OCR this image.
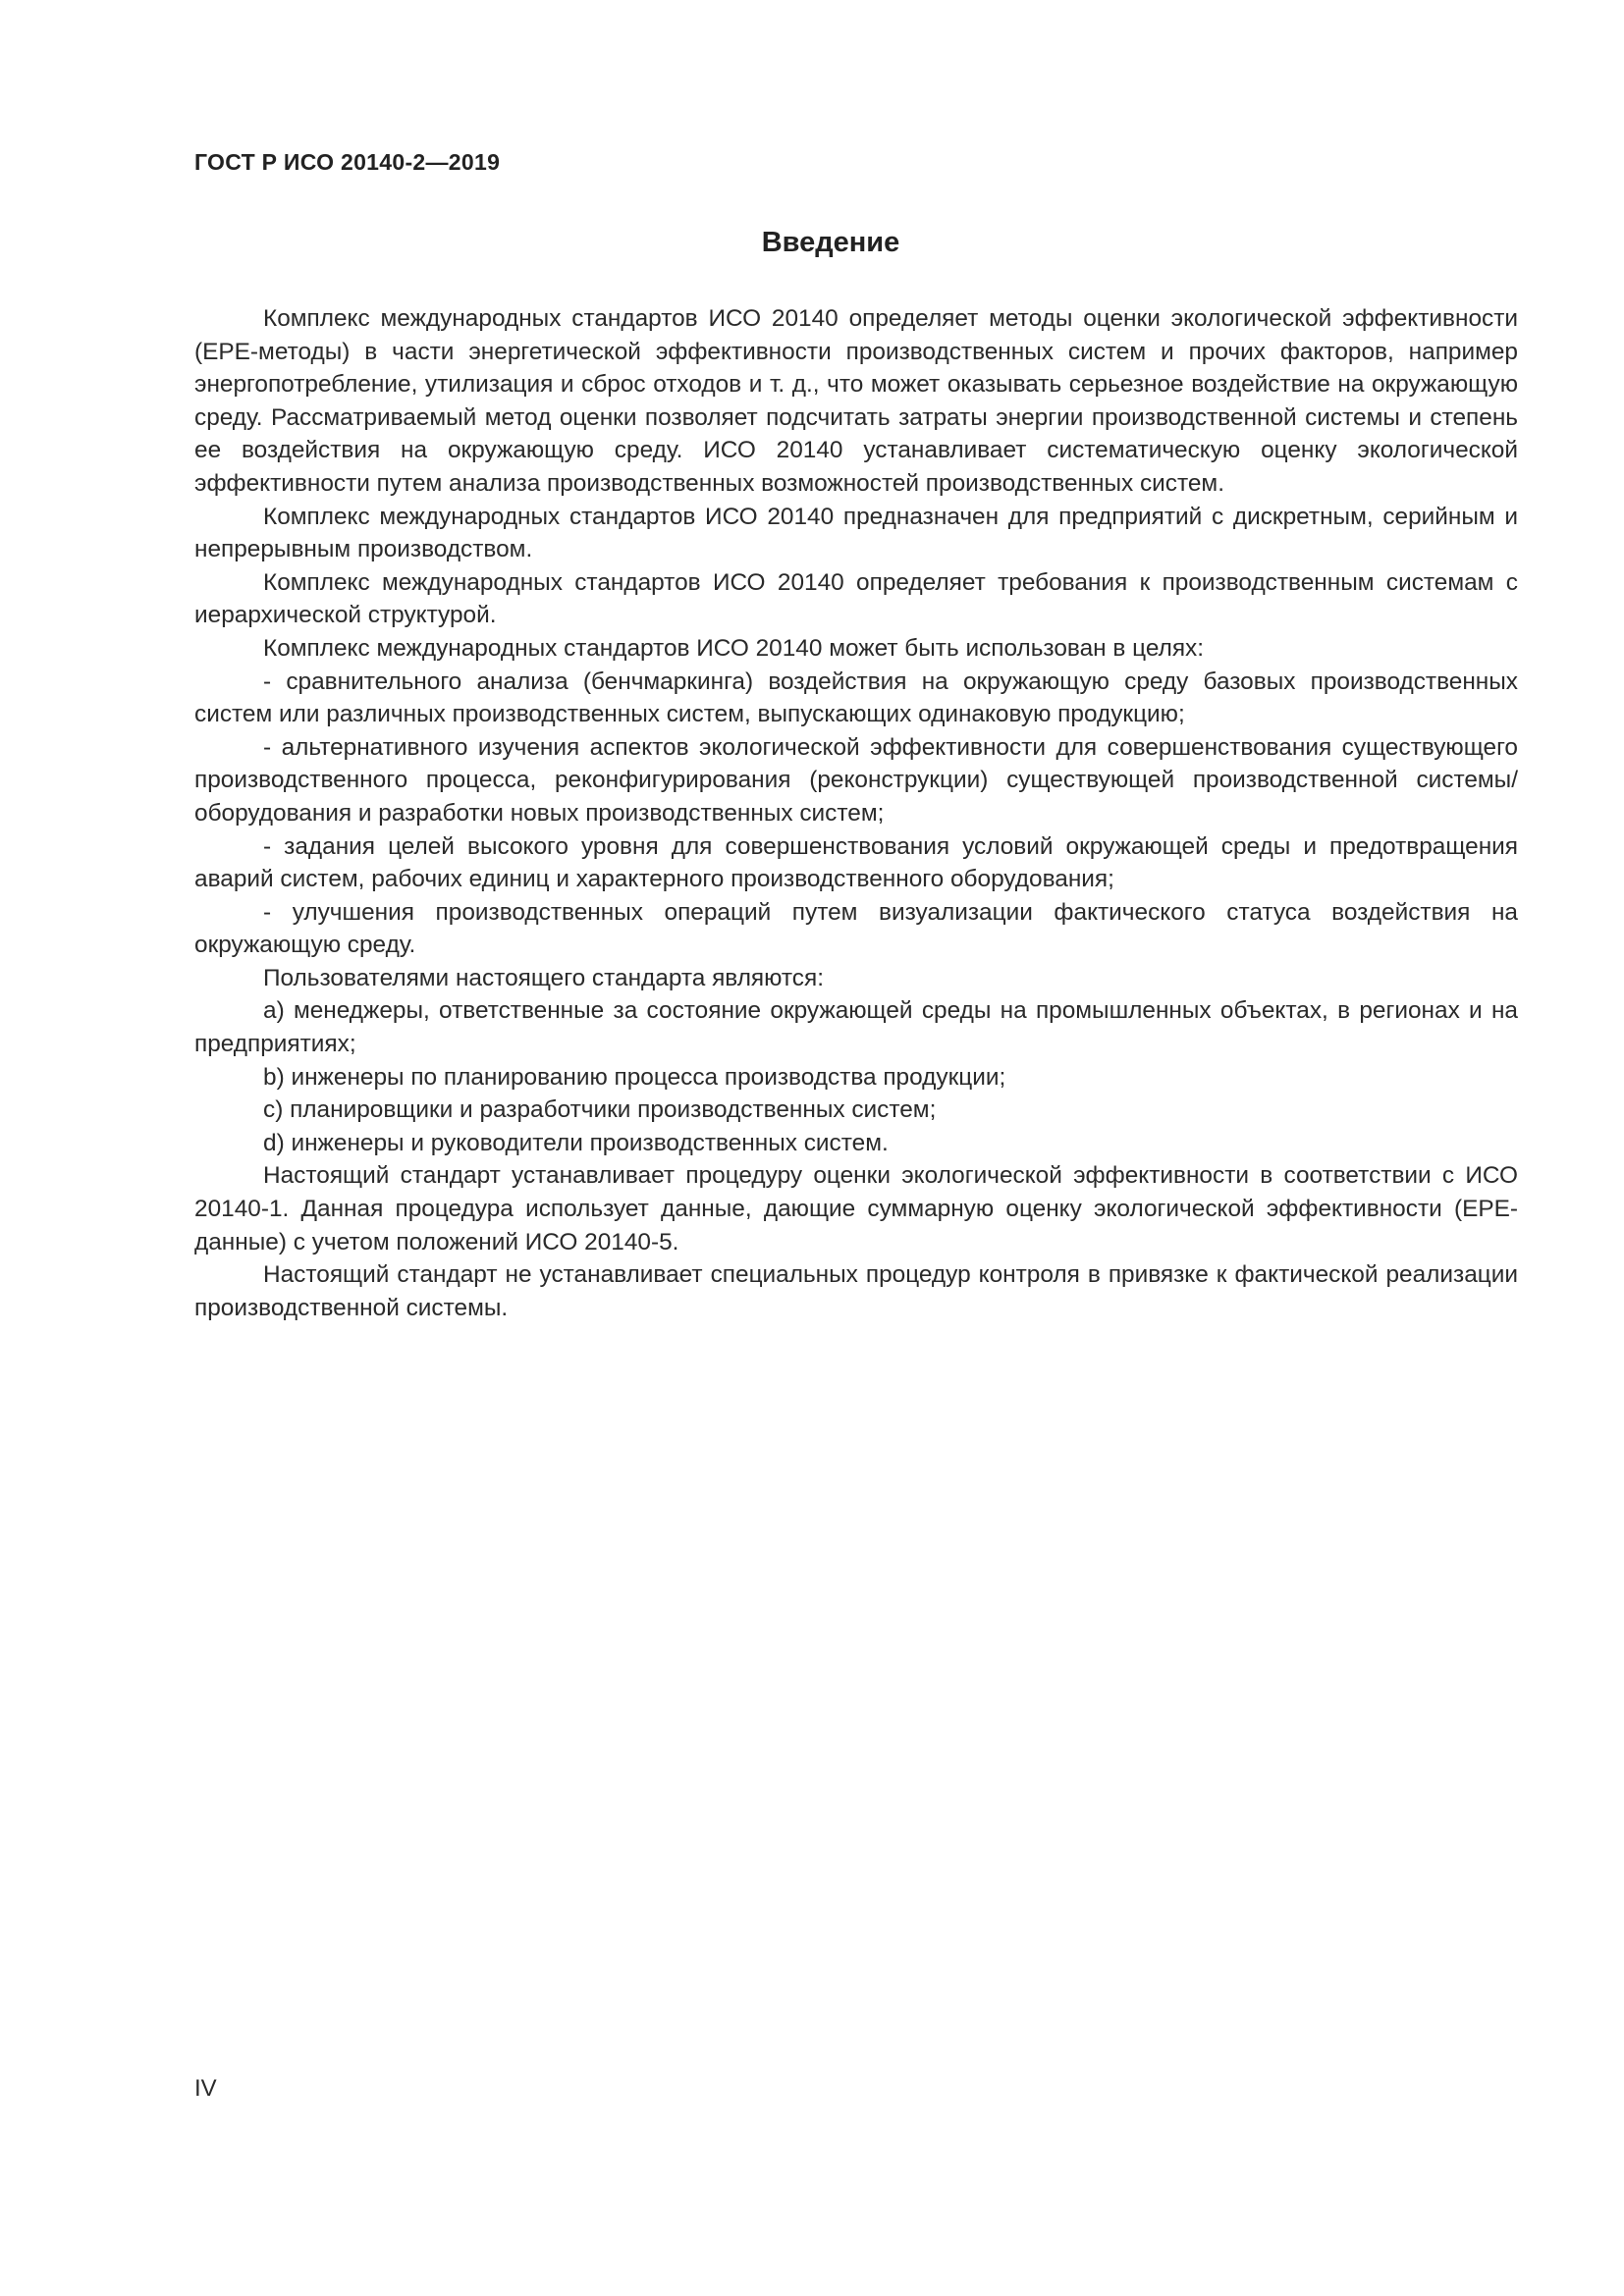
ГОСТ Р ИСО 20140-2—2019
Введение

Комплекс международных стандартов ИСО 20140 определяет методы оценки экологической эффективности (EPE-методы) в части энергетической эффективности производственных систем и прочих факторов, например энергопотребление, утилизация и сброс отходов и т. д., что может оказывать серьезное воздействие на окружающую среду. Рассматриваемый метод оценки позволяет подсчитать затраты энергии производственной системы и степень ее воздействия на окружающую среду. ИСО 20140 устанавливает систематическую оценку экологической эффективности путем анализа производственных возможностей производственных систем.

Комплекс международных стандартов ИСО 20140 предназначен для предприятий с дискретным, серийным и непрерывным производством.

Комплекс международных стандартов ИСО 20140 определяет требования к производственным системам с иерархической структурой.

Комплекс международных стандартов ИСО 20140 может быть использован в целях:

- сравнительного анализа (бенчмаркинга) воздействия на окружающую среду базовых производственных систем или различных производственных систем, выпускающих одинаковую продукцию;

- альтернативного изучения аспектов экологической эффективности для совершенствования существующего производственного процесса, реконфигурирования (реконструкции) существующей производственной системы/оборудования и разработки новых производственных систем;

- задания целей высокого уровня для совершенствования условий окружающей среды и предотвращения аварий систем, рабочих единиц и характерного производственного оборудования;

- улучшения производственных операций путем визуализации фактического статуса воздействия на окружающую среду.

Пользователями настоящего стандарта являются:

a) менеджеры, ответственные за состояние окружающей среды на промышленных объектах, в регионах и на предприятиях;

b) инженеры по планированию процесса производства продукции;

c) планировщики и разработчики производственных систем;

d) инженеры и руководители производственных систем.

Настоящий стандарт устанавливает процедуру оценки экологической эффективности в соответствии с ИСО 20140-1. Данная процедура использует данные, дающие суммарную оценку экологической эффективности (EPE-данные) с учетом положений ИСО 20140-5.

Настоящий стандарт не устанавливает специальных процедур контроля в привязке к фактической реализации производственной системы.

IV
